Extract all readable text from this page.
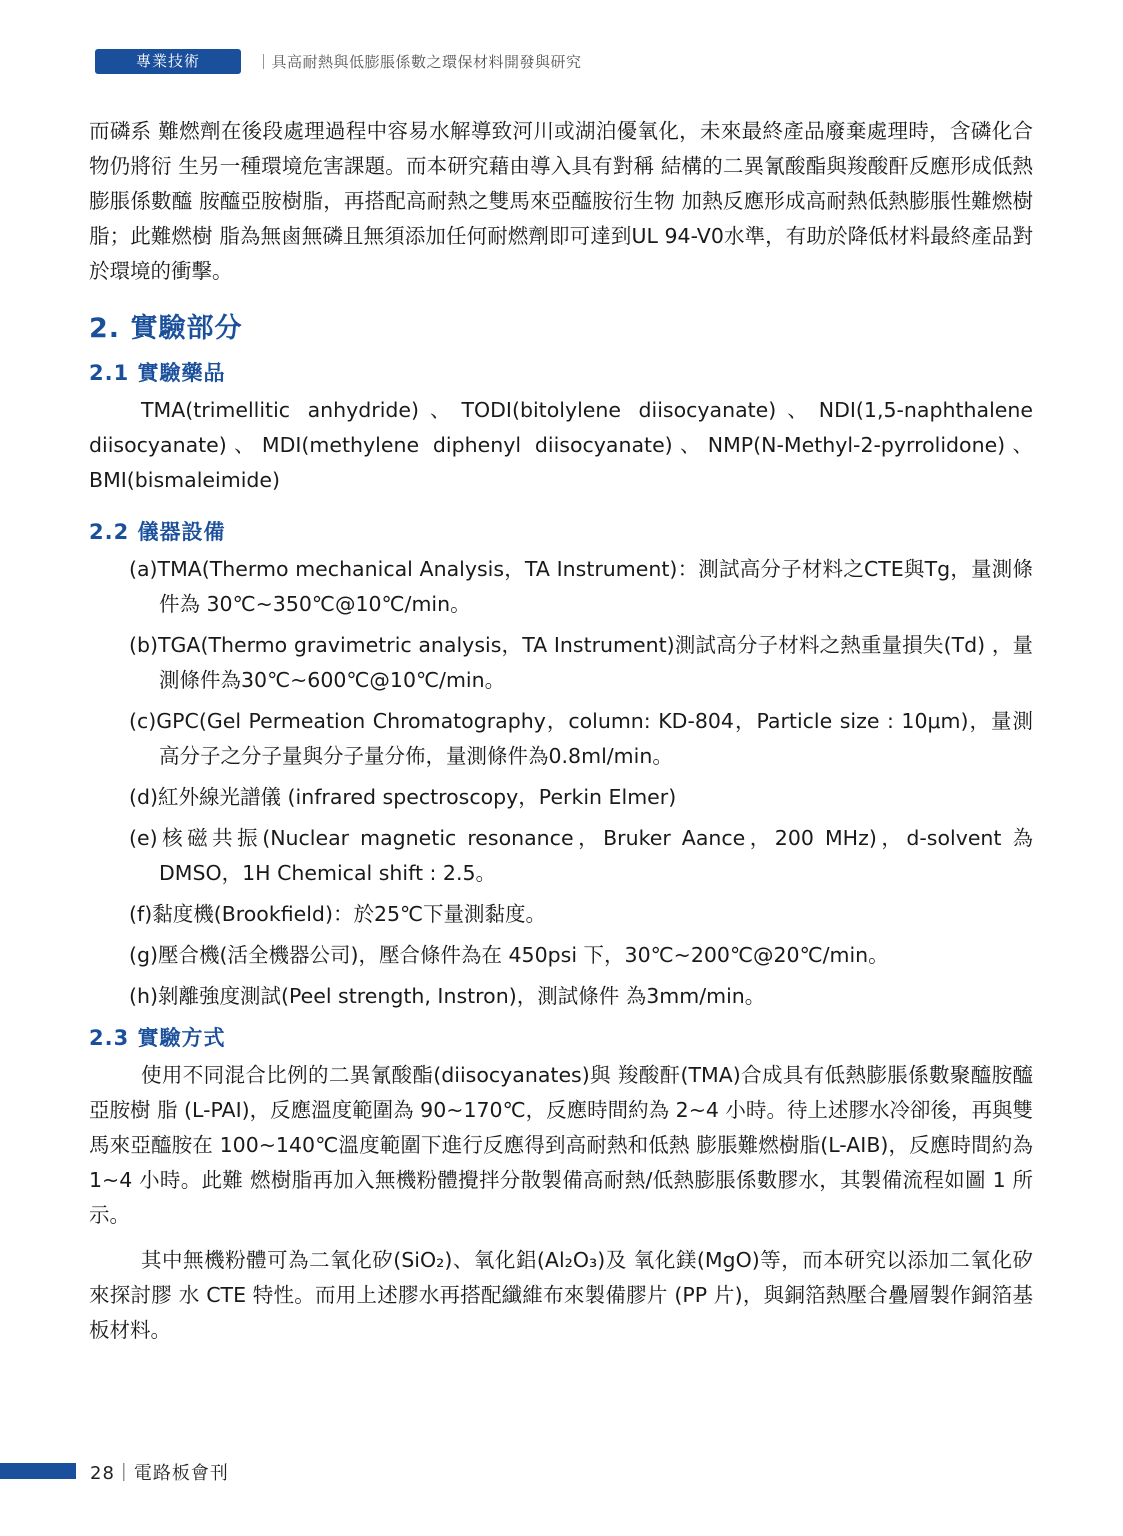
專業技術	｜具高耐熱與低膨脹係數之環保材料開發與研究

而磷系 難燃劑在後段處理過程中容易水解導致河川或湖泊優氧化，未來最終產品廢棄處理時，含磷化合物仍將衍 生另一種環境危害課題。而本研究藉由導入具有對稱 結構的二異氰酸酯與羧酸酐反應形成低熱膨脹係數醯 胺醯亞胺樹脂，再搭配高耐熱之雙馬來亞醯胺衍生物 加熱反應形成高耐熱低熱膨脹性難燃樹脂；此難燃樹 脂為無鹵無磷且無須添加任何耐燃劑即可達到UL 94-V0水準，有助於降低材料最終產品對於環境的衝擊。

2. 實驗部分
2.1 實驗藥品

TMA(trimellitic anhydride)、TODI(bitolylene diisocyanate)、NDI(1,5-naphthalene diisocyanate)、MDI(methylene diphenyl diisocyanate)、NMP(N-Methyl-2-pyrrolidone)、BMI(bismaleimide)

2.2 儀器設備
(a)TMA(Thermo mechanical Analysis，TA Instrument)：測試高分子材料之CTE與Tg，量測條件為 30℃~350℃@10℃/min。
(b)TGA(Thermo gravimetric analysis，TA Instrument)測試高分子材料之熱重量損失(Td) ，量測條件為30℃~600℃@10℃/min。
(c)GPC(Gel Permeation Chromatography，column: KD-804，Particle size : 10μm)，量測高分子之分子量與分子量分佈，量測條件為0.8ml/min。
(d)紅外線光譜儀 (infrared spectroscopy，Perkin Elmer)
(e)核磁共振(Nuclear magnetic resonance，Bruker Aance，200 MHz)，d-solvent 為DMSO，1H Chemical shift : 2.5。
(f)黏度機(Brookfield)：於25℃下量測黏度。
(g)壓合機(活全機器公司)，壓合條件為在 450psi 下，30℃~200℃@20℃/min。
(h)剝離強度測試(Peel strength, Instron)，測試條件 為3mm/min。
2.3 實驗方式

使用不同混合比例的二異氰酸酯(diisocyanates)與 羧酸酐(TMA)合成具有低熱膨脹係數聚醯胺醯亞胺樹 脂 (L-PAI)，反應溫度範圍為 90~170℃，反應時間約為 2~4 小時。待上述膠水冷卻後，再與雙馬來亞醯胺在 100~140℃溫度範圍下進行反應得到高耐熱和低熱 膨脹難燃樹脂(L-AIB)，反應時間約為 1~4 小時。此難 燃樹脂再加入無機粉體攪拌分散製備高耐熱/低熱膨脹係數膠水，其製備流程如圖 1 所示。

其中無機粉體可為二氧化矽(SiO₂)、氧化鋁(Al₂O₃)及 氧化鎂(MgO)等，而本研究以添加二氧化矽來探討膠 水 CTE 特性。而用上述膠水再搭配纖維布來製備膠片 (PP 片)，與銅箔熱壓合疊層製作銅箔基板材料。

28｜電路板會刊
